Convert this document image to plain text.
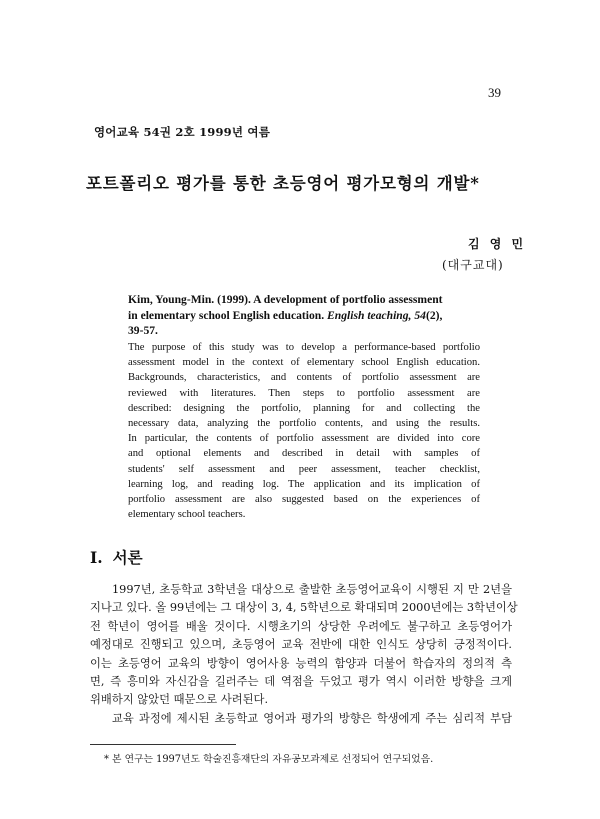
39
영어교육 54권 2호 1999년 여름
포트폴리오 평가를 통한 초등영어 평가모형의 개발*
김 영 민
(대구교대)
Kim, Young-Min. (1999). A development of portfolio assessment
in elementary school English education. English teaching, 54(2),
39-57.
The purpose of this study was to develop a performance-based portfolio
assessment model in the context of elementary school English education.
Backgrounds, characteristics, and contents of portfolio assessment are
reviewed with literatures. Then steps to portfolio assessment are
described: designing the portfolio, planning for and collecting the
necessary data, analyzing the portfolio contents, and using the results.
In particular, the contents of portfolio assessment are divided into core
and optional elements and described in detail with samples of
students' self assessment and peer assessment, teacher checklist,
learning log, and reading log. The application and its implication of
portfolio assessment are also suggested based on the experiences of
elementary school teachers.
I. 서론
1997년, 초등학교 3학년을 대상으로 출발한 초등영어교육이 시행된 지 만 2년을
지나고 있다. 올 99년에는 그 대상이 3, 4, 5학년으로 확대되며 2000년에는 3학년이상
전 학년이 영어를 배울 것이다. 시행초기의 상당한 우려에도 불구하고 초등영어가
예정대로 진행되고 있으며, 초등영어 교육 전반에 대한 인식도 상당히 긍정적이다.
이는 초등영어 교육의 방향이 영어사용 능력의 함양과 더불어 학습자의 정의적 측
면, 즉 흥미와 자신감을 길러주는 데 역점을 두었고 평가 역시 이러한 방향을 크게
위배하지 않았던 때문으로 사려된다.
교육 과정에 제시된 초등학교 영어과 평가의 방향은 학생에게 주는 심리적 부담
* 본 연구는 1997년도 학술진흥재단의 자유공모과제로 선정되어 연구되었음.
